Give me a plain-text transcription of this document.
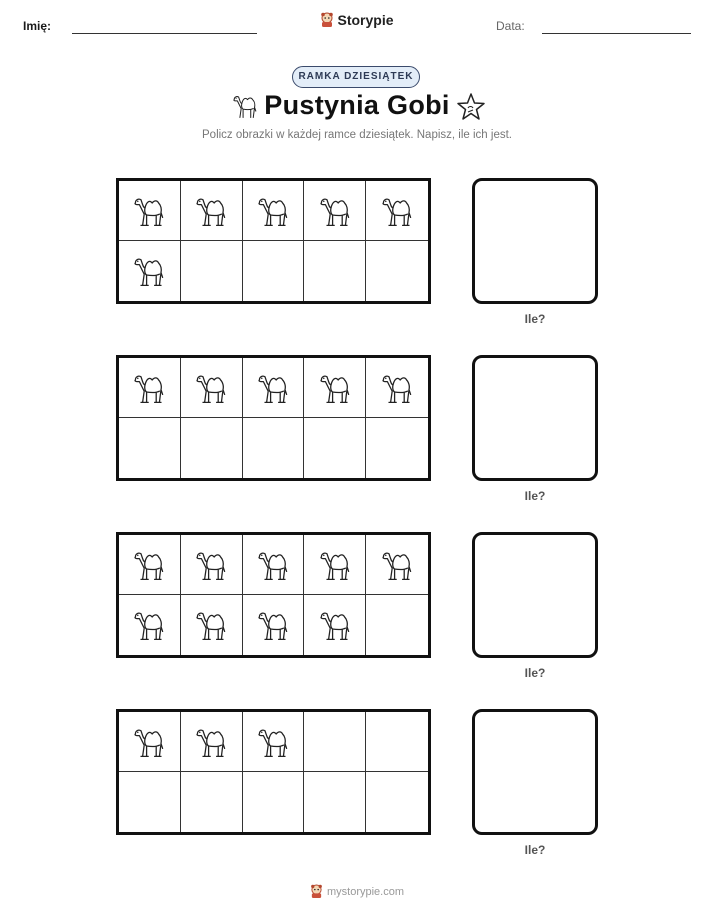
Imię:	Storypie	Data:
RAMKA DZIESIĄTEK
Pustynia Gobi
Policz obrazki w każdej ramce dziesiątek. Napisz, ile ich jest.
Ile?
Ile?
Ile?
Ile?
mystorypie.com
